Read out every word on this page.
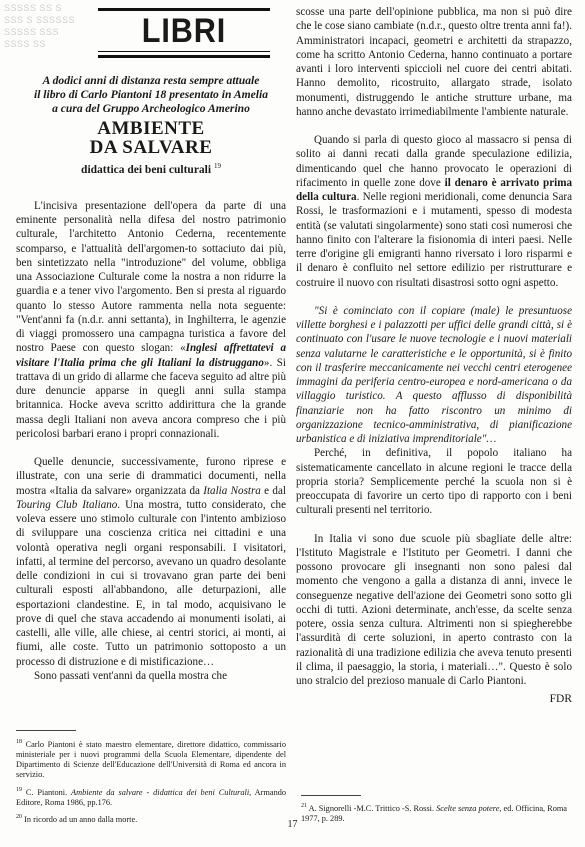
SSSSS SS S
SSS S SSSSSS
SSSSS SSS
SSSS SS	LIBRI
A dodici anni di distanza resta sempre attuale
il libro di Carlo Piantoni 18 presentato in Amelia
a cura del Gruppo Archeologico Amerino
AMBIENTE
DA SALVARE
didattica dei beni culturali $^{19}$

L'incisiva presentazione dell'opera da parte di una eminente personalità nella difesa del nostro patrimonio culturale, l'architetto Antonio Cederna, recentemente scomparso, e l'attualità dell'argomen-to sottaciuto dai più, ben sintetizzato nella "introduzione" del volume, obbliga una Associazione Culturale come la nostra a non ridurre la guardia e a tener vivo l'argomento. Ben si presta al riguardo quanto lo stesso Autore rammenta nella nota seguente: "Vent'anni fa (n.d.r. anni settanta), in Inghilterra, le agenzie di viaggi promossero una campagna turistica a favore del nostro Paese con questo slogan: «Inglesi affrettatevi a visitare l'Italia prima che gli Italiani la distruggano». Si trattava di un grido di allarme che faceva seguito ad altre più dure denuncie apparse in quegli anni sulla stampa britannica. Hocke aveva scritto addirittura che la grande massa degli Italiani non aveva ancora compreso che i più pericolosi barbari erano i propri connazionali.

Quelle denuncie, successivamente, furono riprese e illustrate, con una serie di drammatici documenti, nella mostra «Italia da salvare» organizzata da Italia Nostra e dal Touring Club Italiano. Una mostra, tutto considerato, che voleva essere uno stimolo culturale con l'intento ambizioso di sviluppare una coscienza critica nei cittadini e una volontà operativa negli organi responsabili. I visitatori, infatti, al termine del percorso, avevano un quadro desolante delle condizioni in cui si trovavano gran parte dei beni culturali esposti all'abbandono, alle deturpazioni, alle esportazioni clandestine. E, in tal modo, acquisivano le prove di quel che stava accadendo ai monumenti isolati, ai castelli, alle ville, alle chiese, ai centri storici, ai monti, ai fiumi, alle coste. Tutto un patrimonio sottoposto a un processo di distruzione e di mistificazione…

Sono passati vent'anni da quella mostra che

scosse una parte dell'opinione pubblica, ma non si può dire che le cose siano cambiate (n.d.r., questo oltre trenta anni fa!). Amministratori incapaci, geometri e architetti da strapazzo, come ha scritto Antonio Cederna, hanno continuato a portare avanti i loro interventi spiccioli nel cuore dei centri abitati. Hanno demolito, ricostruito, allargato strade, isolato monumenti, distruggendo le antiche strutture urbane, ma hanno anche devastato irrimediabilmente l'ambiente naturale.

Quando si parla di questo gioco al massacro si pensa di solito ai danni recati dalla grande speculazione edilizia, dimenticando quel che hanno provocato le operazioni di rifacimento in quelle zone dove il denaro è arrivato prima della cultura. Nelle regioni meridionali, come denuncia Sara Rossi, le trasformazioni e i mutamenti, spesso di modesta entità (se valutati singolarmente) sono stati così numerosi che hanno finito con l'alterare la fisionomia di interi paesi. Nelle terre d'origine gli emigranti hanno riversato i loro risparmi e il denaro è confluito nel settore edilizio per ristrutturare e costruire il nuovo con risultati disastrosi sotto ogni aspetto.

"Si è cominciato con il copiare (male) le presuntuose villette borghesi e i palazzotti per uffici delle grandi città, si è continuato con l'usare le nuove tecnologie e i nuovi materiali senza valutarne le caratteristiche e le opportunità, si è finito con il trasferire meccanicamente nei vecchi centri eterogenee immagini da periferia centro-europea e nord-americana o da villaggio turistico. A questo afflusso di disponibilità finanziarie non ha fatto riscontro un minimo di organizzazione tecnico-amministrativa, di pianificazione urbanistica e di iniziativa imprenditoriale"…

Perché, in definitiva, il popolo italiano ha sistematicamente cancellato in alcune regioni le tracce della propria storia? Semplicemente perché la scuola non si è preoccupata di favorire un certo tipo di rapporto con i beni culturali presenti nel territorio.

In Italia vi sono due scuole più sbagliate delle altre: l'Istituto Magistrale e l'Istituto per Geometri. I danni che possono provocare gli insegnanti non sono palesi dal momento che vengono a galla a distanza di anni, invece le conseguenze negative dell'azione dei Geometri sono sotto gli occhi di tutti. Azioni determinate, anch'esse, da scelte senza potere, ossia senza cultura. Altrimenti non si spiegherebbe l'assurdità di certe soluzioni, in aperto contrasto con la razionalità di una tradizione edilizia che aveva tenuto presenti il clima, il paesaggio, la storia, i materiali…". Questo è solo uno stralcio del prezioso manuale di Carlo Piantoni.

FDR

$^{18}$ Carlo Piantoni è stato maestro elementare, direttore didattico, commissario ministeriale per i nuovi programmi della Scuola Elementare, dipendente del Dipartimento di Scienze dell'Educazione dell'Università di Roma ed ancora in servizio.

$^{19}$ C. Piantoni. Ambiente da salvare - didattica dei beni Culturali, Armando Editore, Roma 1986, pp.176.

$^{20}$ In ricordo ad un anno dalla morte.

$^{21}$ A. Signorelli -M.C. Trittico -S. Rossi. Scelte senza potere, ed. Officina, Roma 1977, p. 289.

17
